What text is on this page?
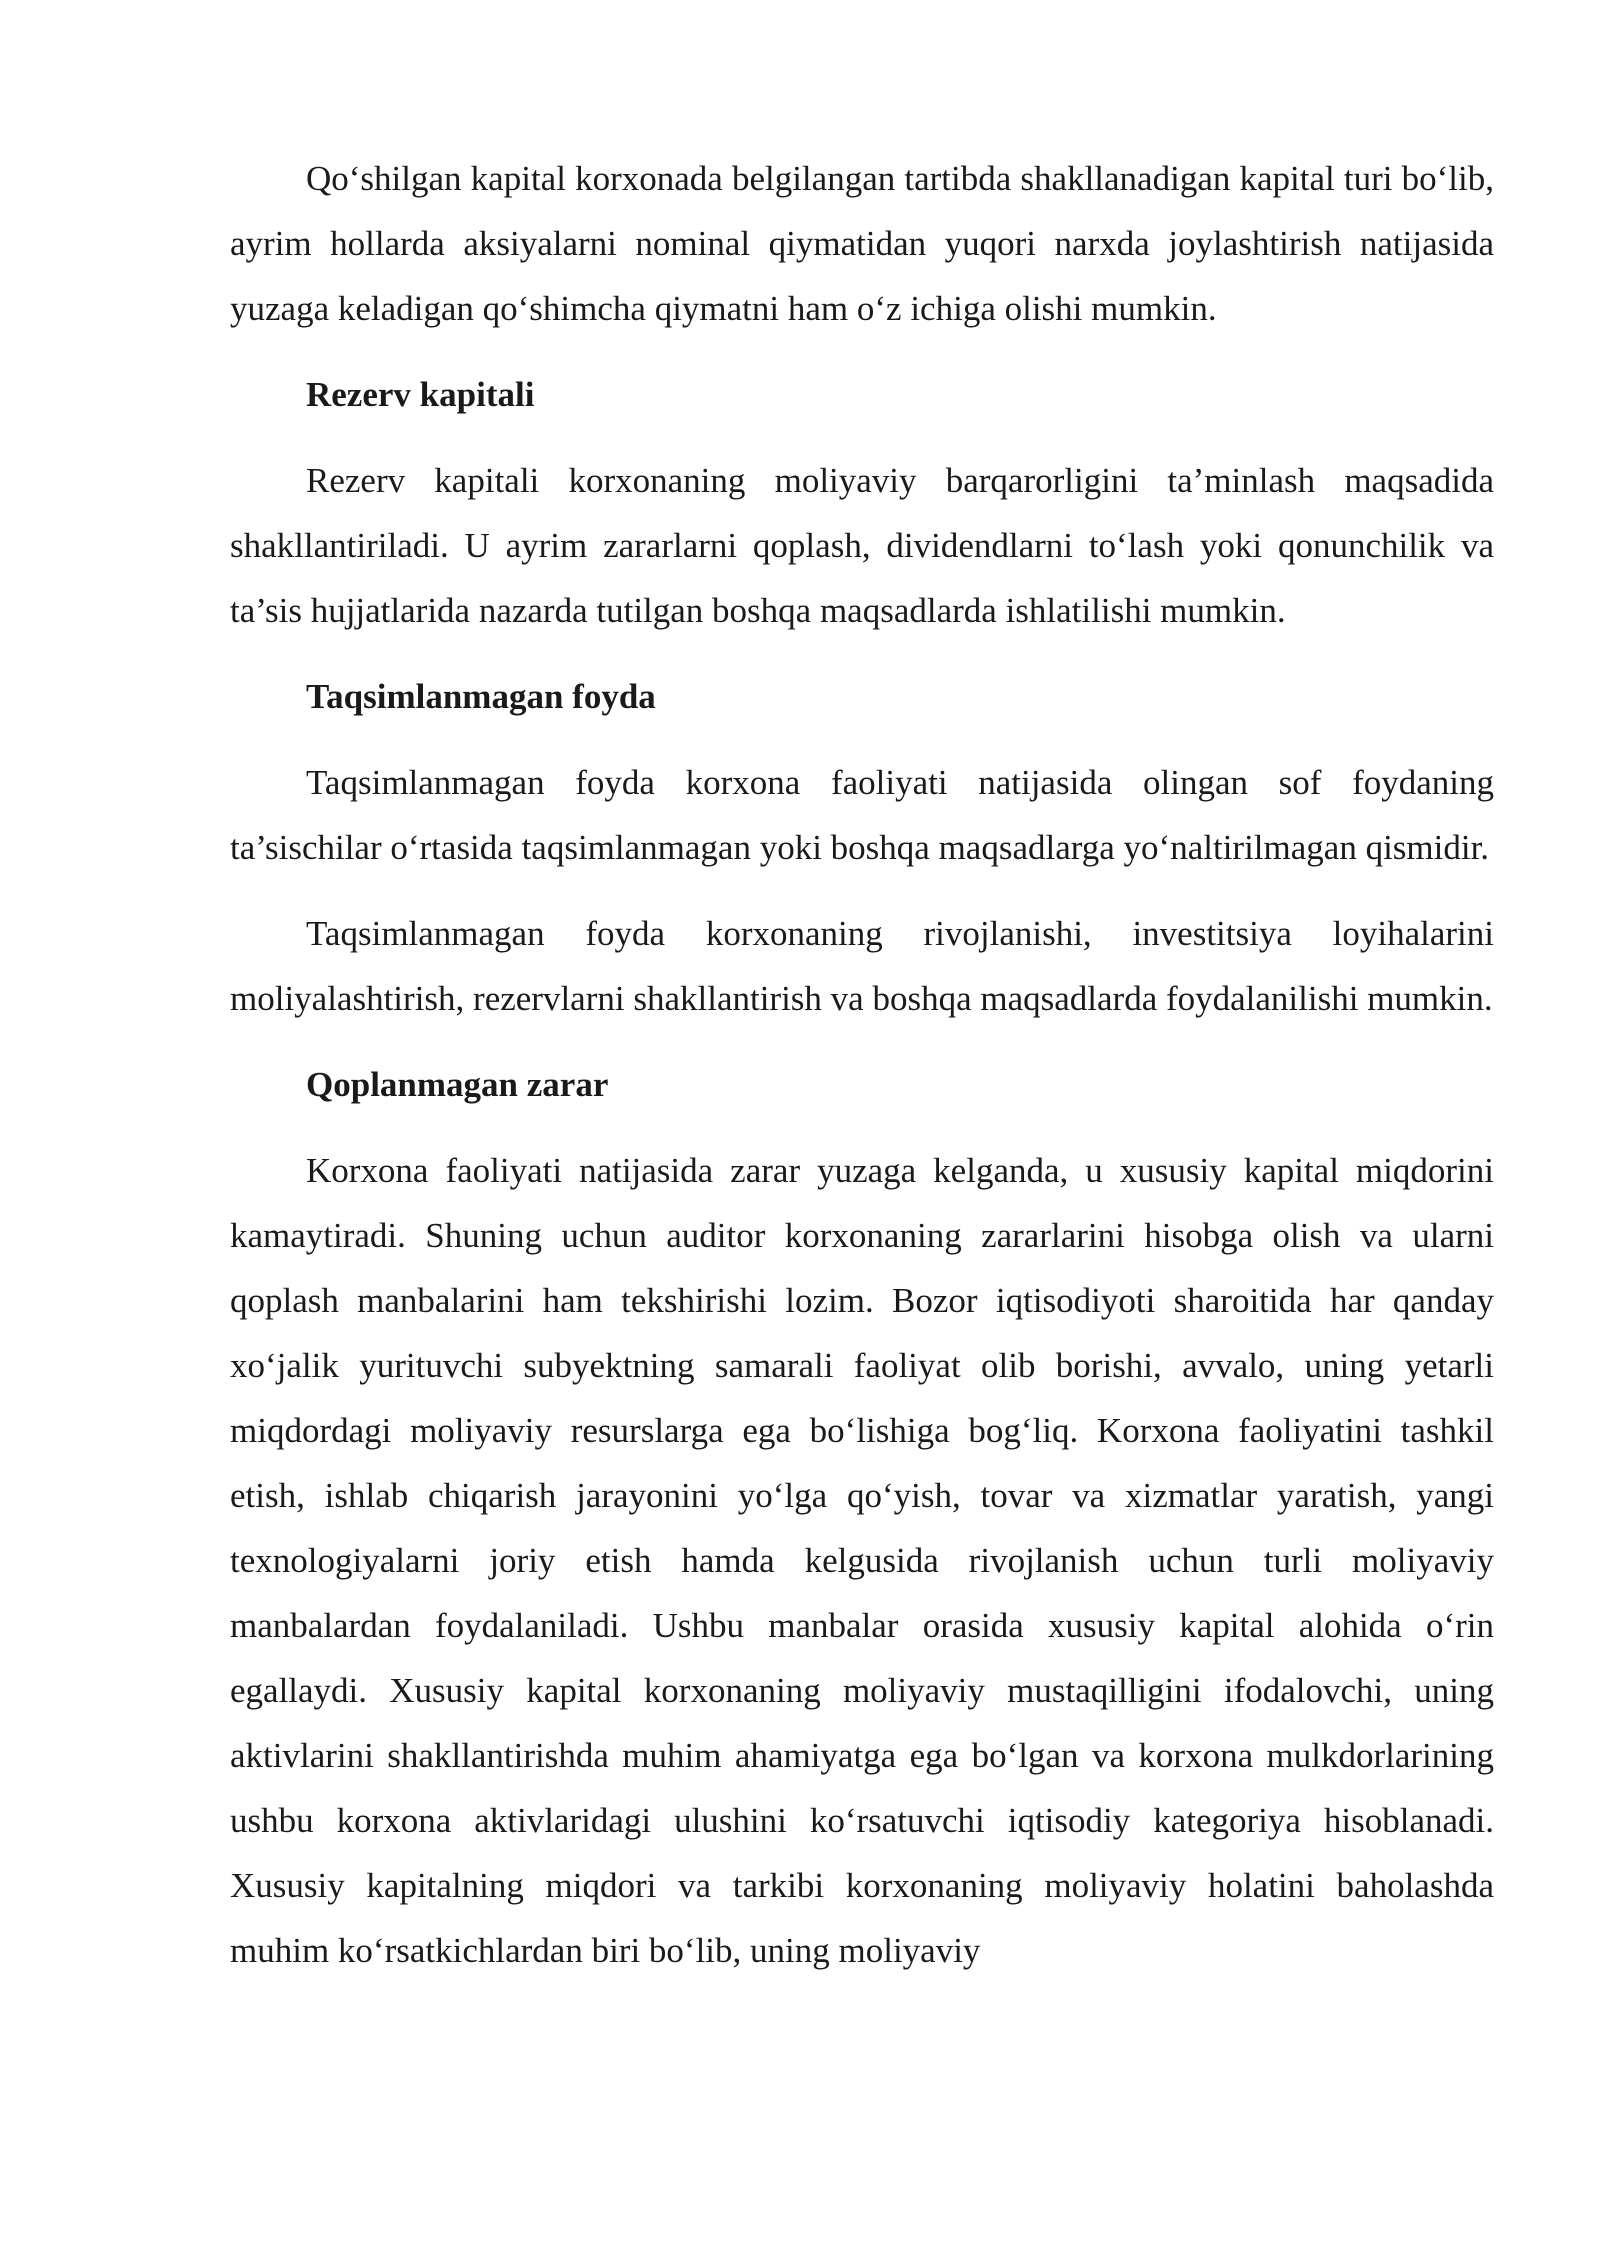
Qo‘shilgan kapital korxonada belgilangan tartibda shakllanadigan kapital turi bo‘lib, ayrim hollarda aksiyalarni nominal qiymatidan yuqori narxda joylashtirish natijasida yuzaga keladigan qo‘shimcha qiymatni ham o‘z ichiga olishi mumkin.

Rezerv kapitali

Rezerv kapitali korxonaning moliyaviy barqarorligini ta’minlash maqsadida shakllantiriladi. U ayrim zararlarni qoplash, dividendlarni to‘lash yoki qonunchilik va ta’sis hujjatlarida nazarda tutilgan boshqa maqsadlarda ishlatilishi mumkin.

Taqsimlanmagan foyda

Taqsimlanmagan foyda korxona faoliyati natijasida olingan sof foydaning ta’sischilar o‘rtasida taqsimlanmagan yoki boshqa maqsadlarga yo‘naltirilmagan qismidir.

Taqsimlanmagan foyda korxonaning rivojlanishi, investitsiya loyihalarini moliyalashtirish, rezervlarni shakllantirish va boshqa maqsadlarda foydalanilishi mumkin.

Qoplanmagan zarar

Korxona faoliyati natijasida zarar yuzaga kelganda, u xususiy kapital miqdorini kamaytiradi. Shuning uchun auditor korxonaning zararlarini hisobga olish va ularni qoplash manbalarini ham tekshirishi lozim. Bozor iqtisodiyoti sharoitida har qanday xo‘jalik yurituvchi subyektning samarali faoliyat olib borishi, avvalo, uning yetarli miqdordagi moliyaviy resurslarga ega bo‘lishiga bog‘liq. Korxona faoliyatini tashkil etish, ishlab chiqarish jarayonini yo‘lga qo‘yish, tovar va xizmatlar yaratish, yangi texnologiyalarni joriy etish hamda kelgusida rivojlanish uchun turli moliyaviy manbalardan foydalaniladi. Ushbu manbalar orasida xususiy kapital alohida o‘rin egallaydi. Xususiy kapital korxonaning moliyaviy mustaqilligini ifodalovchi, uning aktivlarini shakllantirishda muhim ahamiyatga ega bo‘lgan va korxona mulkdorlarining ushbu korxona aktivlaridagi ulushini ko‘rsatuvchi iqtisodiy kategoriya hisoblanadi. Xususiy kapitalning miqdori va tarkibi korxonaning moliyaviy holatini baholashda muhim ko‘rsatkichlardan biri bo‘lib, uning moliyaviy
